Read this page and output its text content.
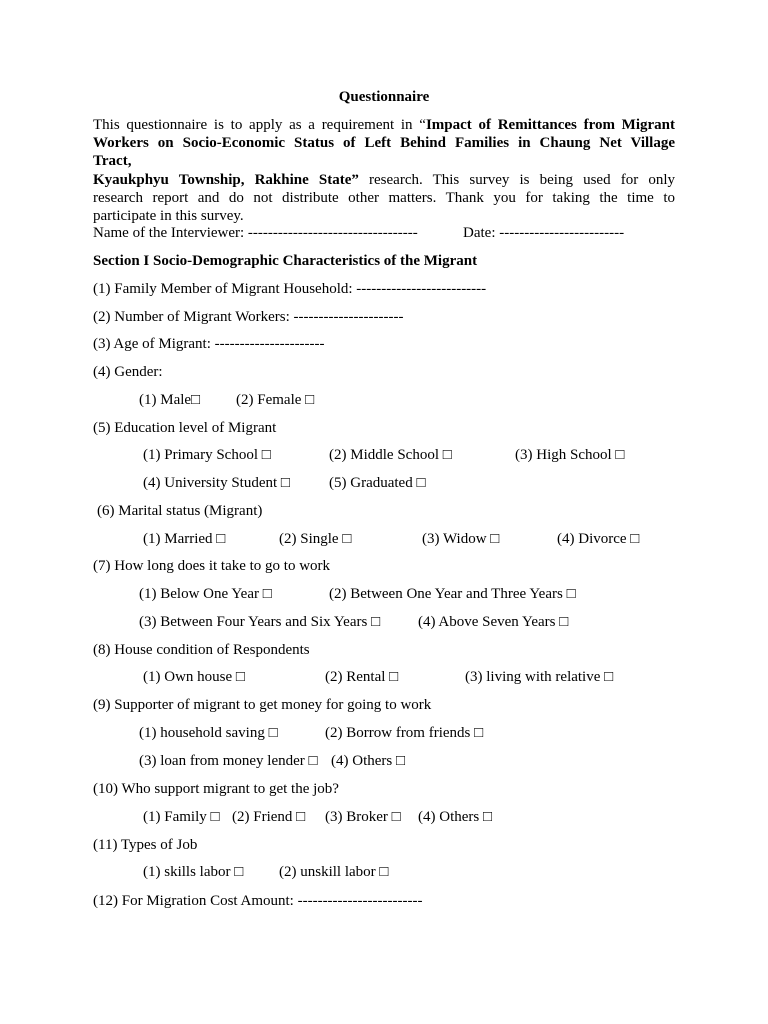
Questionnaire
This questionnaire is to apply as a requirement in “Impact of Remittances from Migrant
Workers on Socio-Economic Status of Left Behind Families in Chaung Net Village
Tract,
Kyaukphyu Township, Rakhine State” research. This survey is being used for only
research report and do not distribute other matters. Thank you for taking the time to
participate in this survey.
Name of the Interviewer: ----------------------------------	Date: -------------------------
Section I Socio-Demographic Characteristics of the Migrant
(1) Family Member of Migrant Household: --------------------------
(2) Number of Migrant Workers: ----------------------
(3) Age of Migrant: ----------------------
(4) Gender:
(1) Male□ (2) Female □
(5) Education level of Migrant
(1) Primary School □	(2) Middle School □	(3) High School □
(4) University Student □	(5) Graduated □
(6) Marital status (Migrant)
(1) Married □	(2) Single □	(3) Widow □	(4) Divorce □
(7) How long does it take to go to work
(1) Below One Year □	(2) Between One Year and Three Years □
(3) Between Four Years and Six Years □	(4) Above Seven Years □
(8) House condition of Respondents
(1) Own house □	(2) Rental □	(3) living with relative □
(9) Supporter of migrant to get money for going to work
(1) household saving □	(2) Borrow from friends □
(3) loan from money lender □ (4) Others □
(10) Who support migrant to get the job?
(1) Family □ (2) Friend □ (3) Broker □ (4) Others □
(11) Types of Job
(1) skills labor □ (2) unskill labor □
(12) For Migration Cost Amount: -------------------------
